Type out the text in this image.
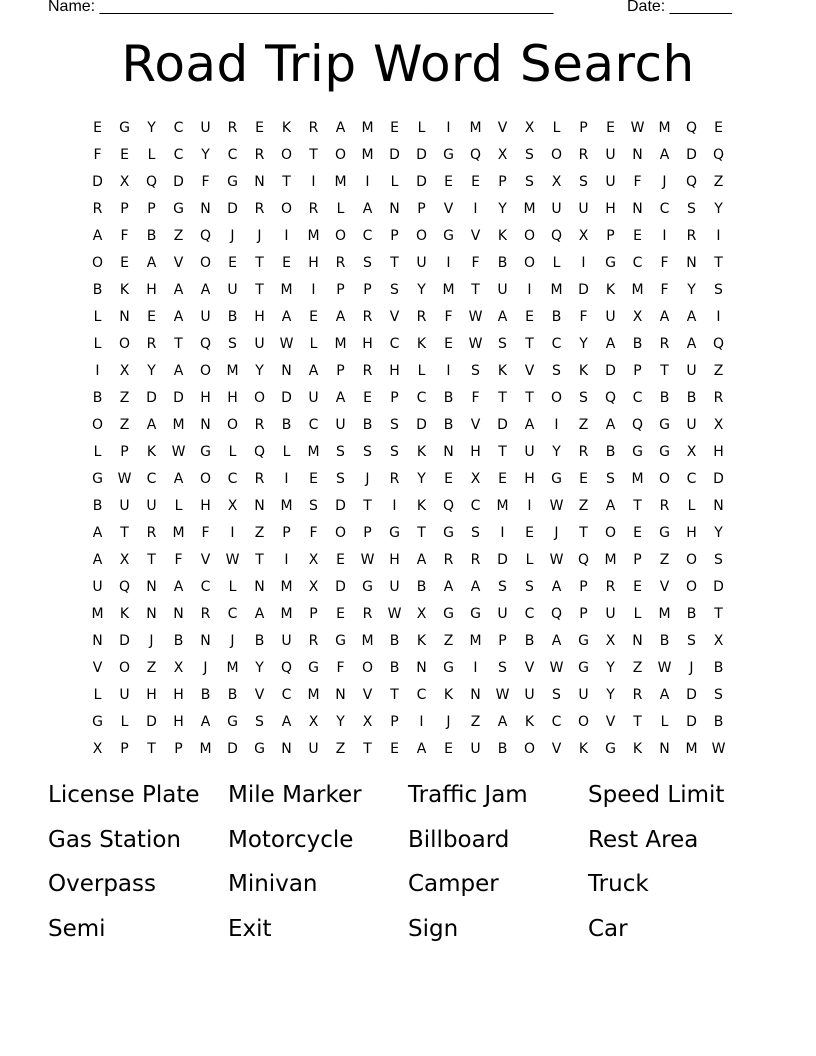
Name: ___________________________________________________	Date: _______
Road Trip Word Search
E	G	Y	C	U	R	E	K	R	A	M	E	L	I	M	V	X	L	P	E	W	M	Q	E
F	E	L	C	Y	C	R	O	T	O	M	D	D	G	Q	X	S	O	R	U	N	A	D	Q
D	X	Q	D	F	G	N	T	I	M	I	L	D	E	E	P	S	X	S	U	F	J	Q	Z
R	P	P	G	N	D	R	O	R	L	A	N	P	V	I	Y	M	U	U	H	N	C	S	Y
A	F	B	Z	Q	J	J	I	M	O	C	P	O	G	V	K	O	Q	X	P	E	I	R	I
O	E	A	V	O	E	T	E	H	R	S	T	U	I	F	B	O	L	I	G	C	F	N	T
B	K	H	A	A	U	T	M	I	P	P	S	Y	M	T	U	I	M	D	K	M	F	Y	S
L	N	E	A	U	B	H	A	E	A	R	V	R	F	W	A	E	B	F	U	X	A	A	I
L	O	R	T	Q	S	U	W	L	M	H	C	K	E	W	S	T	C	Y	A	B	R	A	Q
I	X	Y	A	O	M	Y	N	A	P	R	H	L	I	S	K	V	S	K	D	P	T	U	Z
B	Z	D	D	H	H	O	D	U	A	E	P	C	B	F	T	T	O	S	Q	C	B	B	R
O	Z	A	M	N	O	R	B	C	U	B	S	D	B	V	D	A	I	Z	A	Q	G	U	X
L	P	K	W	G	L	Q	L	M	S	S	S	K	N	H	T	U	Y	R	B	G	G	X	H
G	W	C	A	O	C	R	I	E	S	J	R	Y	E	X	E	H	G	E	S	M	O	C	D
B	U	U	L	H	X	N	M	S	D	T	I	K	Q	C	M	I	W	Z	A	T	R	L	N
A	T	R	M	F	I	Z	P	F	O	P	G	T	G	S	I	E	J	T	O	E	G	H	Y
A	X	T	F	V	W	T	I	X	E	W	H	A	R	R	D	L	W	Q	M	P	Z	O	S
U	Q	N	A	C	L	N	M	X	D	G	U	B	A	A	S	S	A	P	R	E	V	O	D
M	K	N	N	R	C	A	M	P	E	R	W	X	G	G	U	C	Q	P	U	L	M	B	T
N	D	J	B	N	J	B	U	R	G	M	B	K	Z	M	P	B	A	G	X	N	B	S	X
V	O	Z	X	J	M	Y	Q	G	F	O	B	N	G	I	S	V	W	G	Y	Z	W	J	B
L	U	H	H	B	B	V	C	M	N	V	T	C	K	N	W	U	S	U	Y	R	A	D	S
G	L	D	H	A	G	S	A	X	Y	X	P	I	J	Z	A	K	C	O	V	T	L	D	B
X	P	T	P	M	D	G	N	U	Z	T	E	A	E	U	B	O	V	K	G	K	N	M	W
License Plate	Mile Marker	Traffic Jam	Speed Limit
Gas Station	Motorcycle	Billboard	Rest Area
Overpass	Minivan	Camper	Truck
Semi	Exit	Sign	Car
